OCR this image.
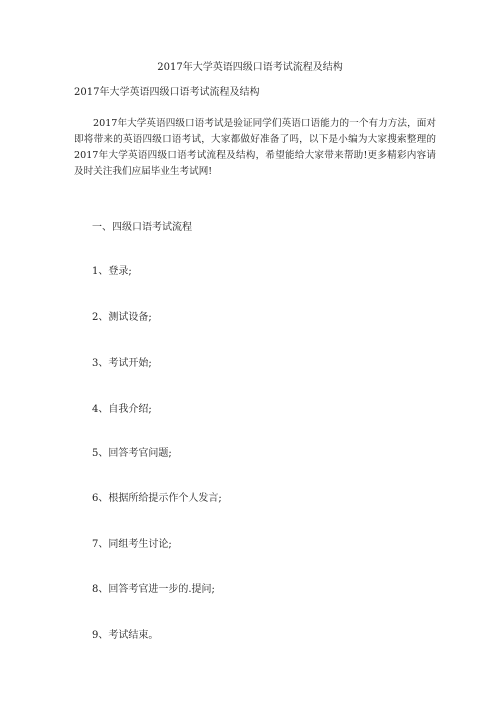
2017年大学英语四级口语考试流程及结构
2017年大学英语四级口语考试流程及结构

2017年大学英语四级口语考试是验证同学们英语口语能力的一个有力方法，面对即将带来的英语四级口语考试，大家都做好准备了吗，以下是小编为大家搜索整理的2017年大学英语四级口语考试流程及结构，希望能给大家带来帮助!更多精彩内容请及时关注我们应届毕业生考试网!

一、四级口语考试流程
1、登录;
2、测试设备;
3、考试开始;
4、自我介绍;
5、回答考官问题;
6、根据所给提示作个人发言;
7、同组考生讨论;
8、回答考官进一步的.提问;
9、考试结束。
